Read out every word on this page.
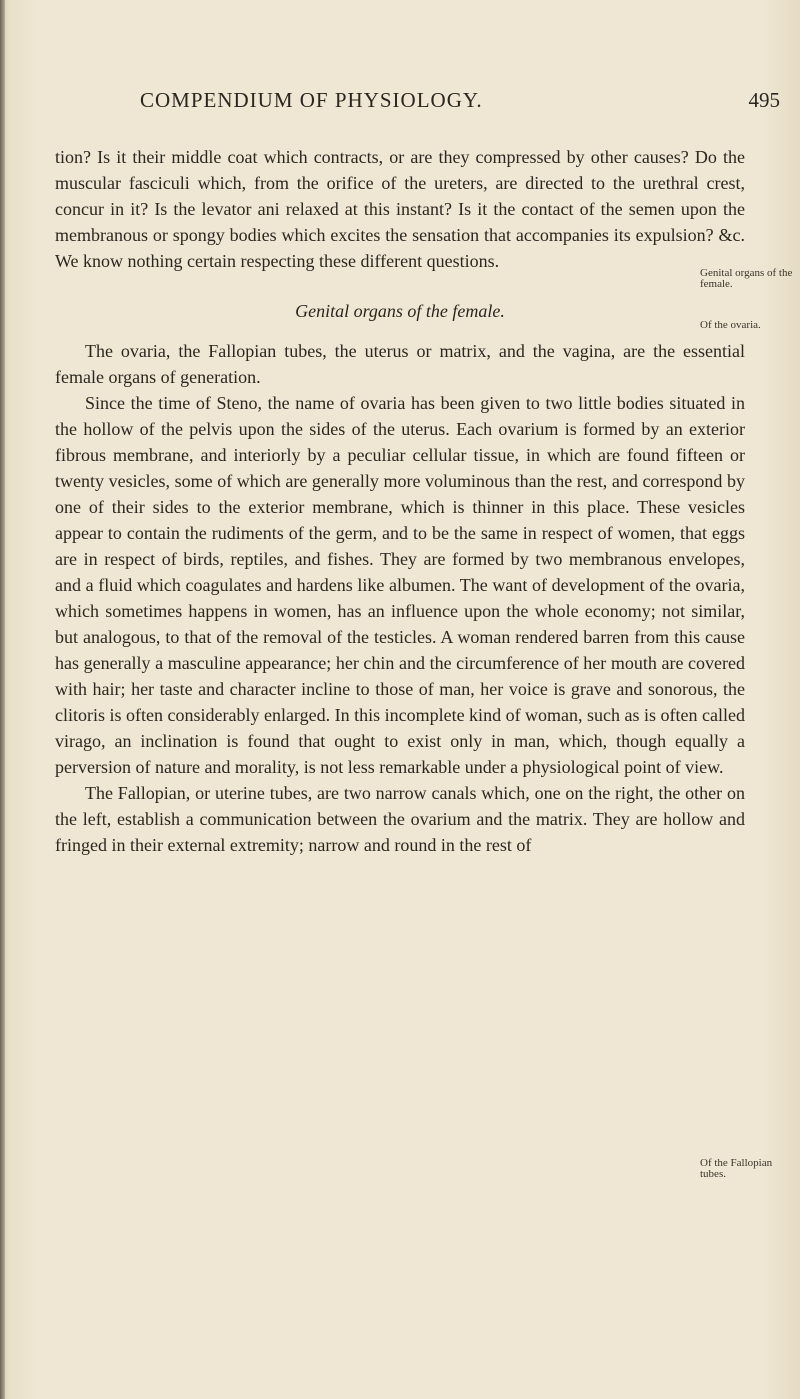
COMPENDIUM OF PHYSIOLOGY.	495

tion? Is it their middle coat which contracts, or are they compressed by other causes? Do the muscular fasciculi which, from the orifice of the ureters, are directed to the urethral crest, concur in it? Is the levator ani relaxed at this instant? Is it the contact of the semen upon the membranous or spongy bodies which excites the sensation that accompanies its expulsion? &c. We know nothing certain respecting these different questions.

Genital organs of the female.

The ovaria, the Fallopian tubes, the uterus or matrix, and the vagina, are the essential female organs of generation.

Since the time of Steno, the name of ovaria has been given to two little bodies situated in the hollow of the pelvis upon the sides of the uterus. Each ovarium is formed by an exterior fibrous membrane, and interiorly by a peculiar cellular tissue, in which are found fifteen or twenty vesicles, some of which are generally more voluminous than the rest, and correspond by one of their sides to the exterior membrane, which is thinner in this place. These vesicles appear to contain the rudiments of the germ, and to be the same in respect of women, that eggs are in respect of birds, reptiles, and fishes. They are formed by two membranous envelopes, and a fluid which coagulates and hardens like albumen. The want of development of the ovaria, which sometimes happens in women, has an influence upon the whole economy; not similar, but analogous, to that of the removal of the testicles. A woman rendered barren from this cause has generally a masculine appearance; her chin and the circumference of her mouth are covered with hair; her taste and character incline to those of man, her voice is grave and sonorous, the clitoris is often considerably enlarged. In this incomplete kind of woman, such as is often called virago, an inclination is found that ought to exist only in man, which, though equally a perversion of nature and morality, is not less remarkable under a physiological point of view.

The Fallopian, or uterine tubes, are two narrow canals which, one on the right, the other on the left, establish a communication between the ovarium and the matrix. They are hollow and fringed in their external extremity; narrow and round in the rest of

Genital organs of the female.
Of the ovaria.
Of the Fallopian tubes.
